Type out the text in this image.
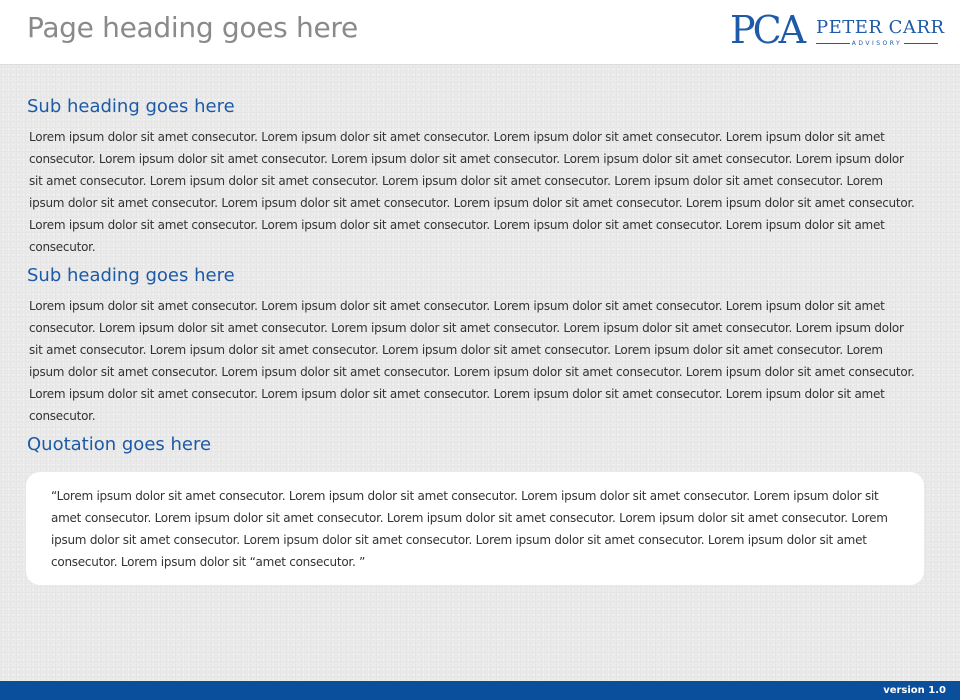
Page heading goes here	PCA PETER CARR
ADVISORY
Sub heading goes here

Lorem ipsum dolor sit amet consecutor. Lorem ipsum dolor sit amet consecutor. Lorem ipsum dolor sit amet consecutor. Lorem ipsum dolor sit amet consecutor. Lorem ipsum dolor sit amet consecutor. Lorem ipsum dolor sit amet consecutor. Lorem ipsum dolor sit amet consecutor. Lorem ipsum dolor sit amet consecutor. Lorem ipsum dolor sit amet consecutor. Lorem ipsum dolor sit amet consecutor. Lorem ipsum dolor sit amet consecutor. Lorem ipsum dolor sit amet consecutor. Lorem ipsum dolor sit amet consecutor. Lorem ipsum dolor sit amet consecutor. Lorem ipsum dolor sit amet consecutor. Lorem ipsum dolor sit amet consecutor. Lorem ipsum dolor sit amet consecutor. Lorem ipsum dolor sit amet consecutor. Lorem ipsum dolor sit amet consecutor.

Sub heading goes here

Lorem ipsum dolor sit amet consecutor. Lorem ipsum dolor sit amet consecutor. Lorem ipsum dolor sit amet consecutor. Lorem ipsum dolor sit amet consecutor. Lorem ipsum dolor sit amet consecutor. Lorem ipsum dolor sit amet consecutor. Lorem ipsum dolor sit amet consecutor. Lorem ipsum dolor sit amet consecutor. Lorem ipsum dolor sit amet consecutor. Lorem ipsum dolor sit amet consecutor. Lorem ipsum dolor sit amet consecutor. Lorem ipsum dolor sit amet consecutor. Lorem ipsum dolor sit amet consecutor. Lorem ipsum dolor sit amet consecutor. Lorem ipsum dolor sit amet consecutor. Lorem ipsum dolor sit amet consecutor. Lorem ipsum dolor sit amet consecutor. Lorem ipsum dolor sit amet consecutor. Lorem ipsum dolor sit amet consecutor.

Quotation goes here

“Lorem ipsum dolor sit amet consecutor. Lorem ipsum dolor sit amet consecutor. Lorem ipsum dolor sit amet consecutor. Lorem ipsum dolor sit amet consecutor. Lorem ipsum dolor sit amet consecutor. Lorem ipsum dolor sit amet consecutor. Lorem ipsum dolor sit amet consecutor. Lorem ipsum dolor sit amet consecutor. Lorem ipsum dolor sit amet consecutor. Lorem ipsum dolor sit amet consecutor. Lorem ipsum dolor sit amet consecutor. Lorem ipsum dolor sit “amet consecutor. ”

version 1.0
